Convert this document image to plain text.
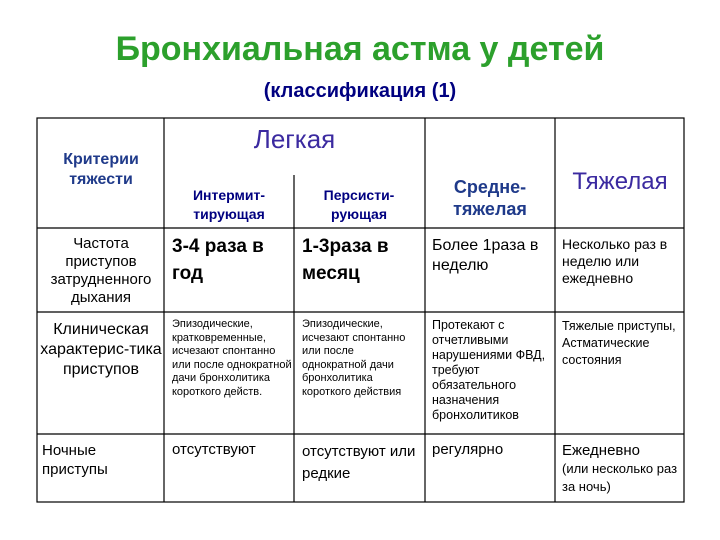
Бронхиальная астма у детей
(классификация (1)
Критерии тяжести
Легкая
Интермит-тирующая
Персисти-рующая
Средне-тяжелая
Тяжелая
Частота приступов затрудненного дыхания
3-4 раза в год
1-3раза в месяц
Более 1раза в неделю
Несколько раз в неделю или ежедневно
Клиническая характерис-тика приступов
Эпизодические, кратковременные, исчезают спонтанно или после однократной дачи бронхолитика короткого действ.
Эпизодические, исчезают спонтанно или после однократной дачи бронхолитика короткого действия
Протекают с отчетливыми нарушениями ФВД, требуют обязательного назначения бронхолитиков
Тяжелые приступы, Астматические состояния
Ночные приступы
отсутствуют	отсутствуют или редкие
регулярно	Ежедневно
(или несколько раз за ночь)
